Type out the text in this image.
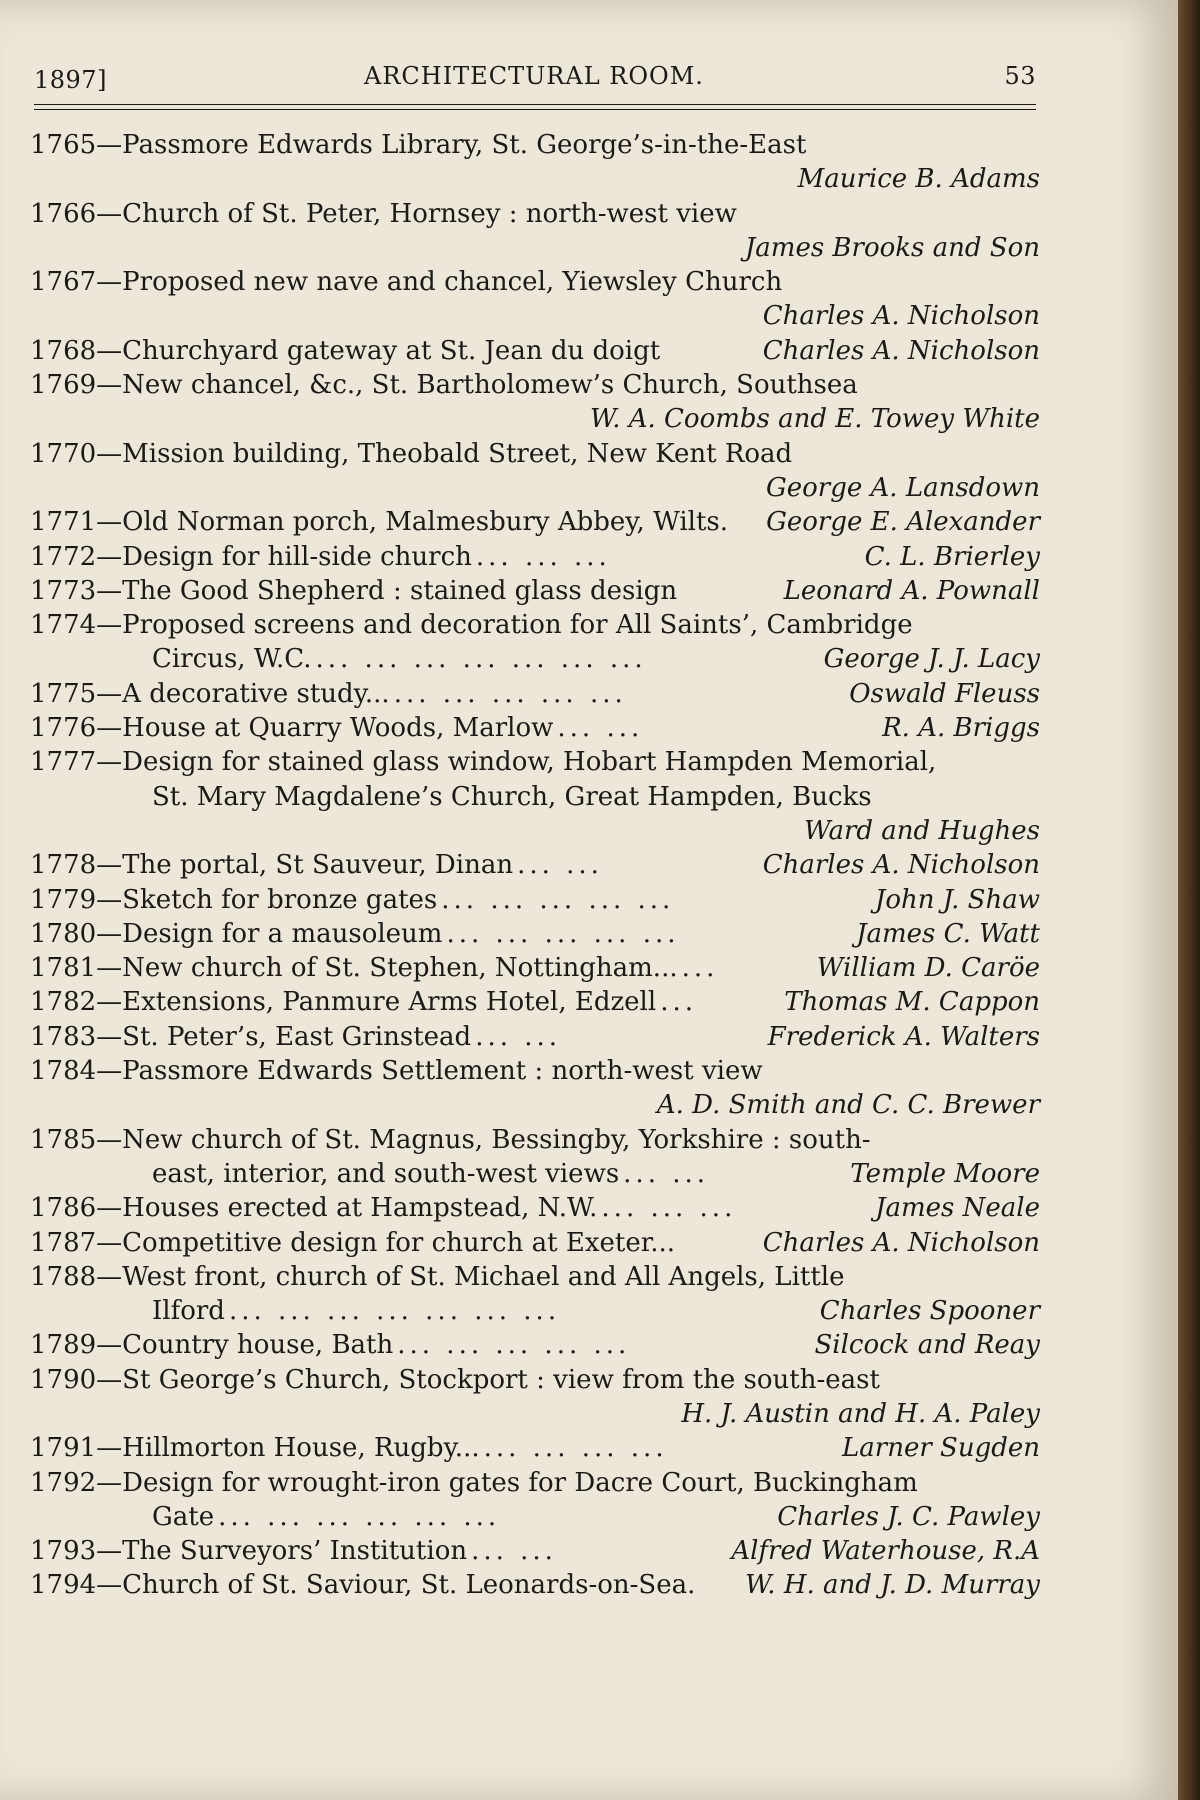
1897]	ARCHITECTURAL ROOM.	53
1765—Passmore Edwards Library, St. George’s-in-the-East
Maurice B. Adams
1766—Church of St. Peter, Hornsey : north-west view
James Brooks and Son
1767—Proposed new nave and chancel, Yiewsley Church
Charles A. Nicholson
1768—Churchyard gateway at St. Jean du doigt	Charles A. Nicholson
1769—New chancel, &c., St. Bartholomew’s Church, Southsea
W. A. Coombs and E. Towey White
1770—Mission building, Theobald Street, New Kent Road
George A. Lansdown
1771—Old Norman porch, Malmesbury Abbey, Wilts. George E. Alexander
1772—Design for hill-side church ... ... ...	C. L. Brierley
1773—The Good Shepherd : stained glass design	Leonard A. Pownall
1774—Proposed screens and decoration for All Saints’, Cambridge
Circus, W.C. ... ... ... ... ... ... ...	George J. J. Lacy
1775—A decorative study... ... ... ... ... ...	Oswald Fleuss
1776—House at Quarry Woods, Marlow ... ...	R. A. Briggs
1777—Design for stained glass window, Hobart Hampden Memorial,
St. Mary Magdalene’s Church, Great Hampden, Bucks
Ward and Hughes
1778—The portal, St Sauveur, Dinan ... ...	Charles A. Nicholson
1779—Sketch for bronze gates ... ... ... ... ...	John J. Shaw
1780—Design for a mausoleum ... ... ... ... ...	James C. Watt
1781—New church of St. Stephen, Nottingham... ...	William D. Caröe
1782—Extensions, Panmure Arms Hotel, Edzell ...	Thomas M. Cappon
1783—St. Peter’s, East Grinstead ... ...	Frederick A. Walters
1784—Passmore Edwards Settlement : north-west view
A. D. Smith and C. C. Brewer
1785—New church of St. Magnus, Bessingby, Yorkshire : south-
east, interior, and south-west views ... ...	Temple Moore
1786—Houses erected at Hampstead, N.W. ... ... ...	James Neale
1787—Competitive design for church at Exeter...	Charles A. Nicholson
1788—West front, church of St. Michael and All Angels, Little
Ilford ... ... ... ... ... ... ...	Charles Spooner
1789—Country house, Bath ... ... ... ... ...	Silcock and Reay
1790—St George’s Church, Stockport : view from the south-east
H. J. Austin and H. A. Paley
1791—Hillmorton House, Rugby... ... ... ... ...	Larner Sugden
1792—Design for wrought-iron gates for Dacre Court, Buckingham
Gate ... ... ... ... ... ...	Charles J. C. Pawley
1793—The Surveyors’ Institution ... ...	Alfred Waterhouse, R.A
1794—Church of St. Saviour, St. Leonards-on-Sea. W. H. and J. D. Murray
